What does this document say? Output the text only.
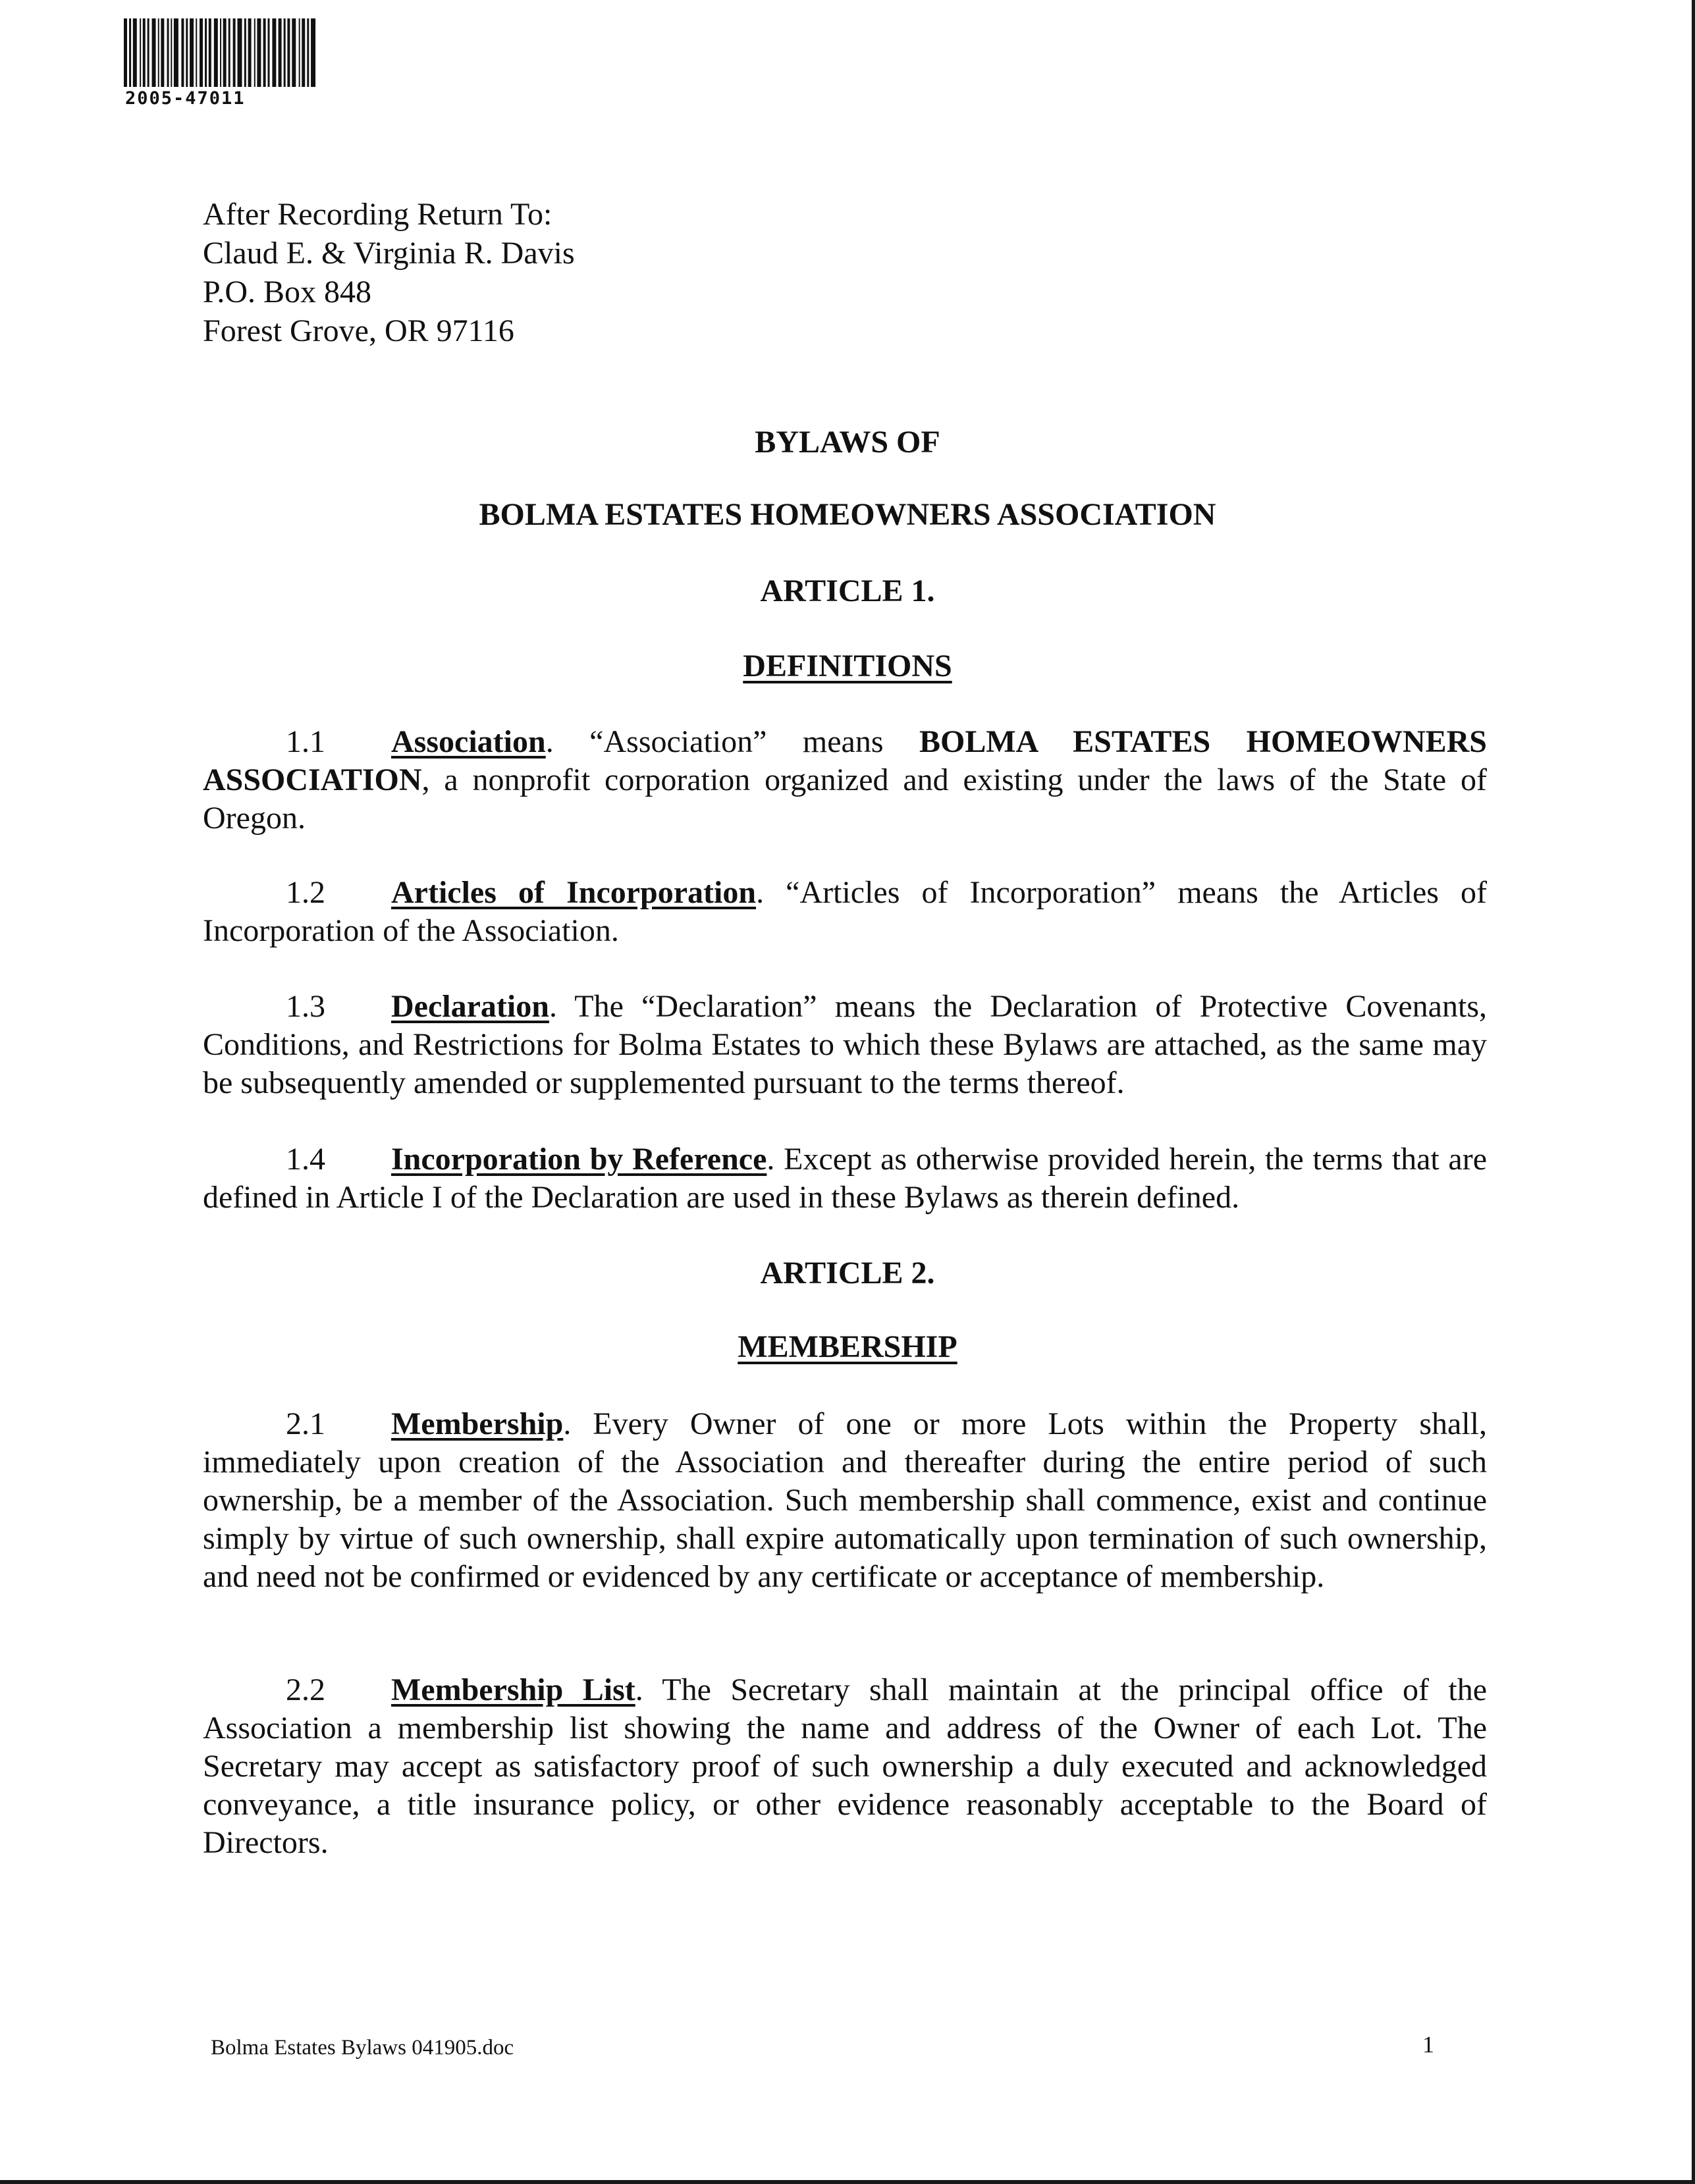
2005-47011
After Recording Return To:
Claud E. & Virginia R. Davis
P.O. Box 848
Forest Grove, OR 97116
BYLAWS OF
BOLMA ESTATES HOMEOWNERS ASSOCIATION
ARTICLE 1.
DEFINITIONS

1.1 Association. “Association” means BOLMA ESTATES HOMEOWNERS ASSOCIATION, a nonprofit corporation organized and existing under the laws of the State of Oregon.

1.2 Articles of Incorporation. “Articles of Incorporation” means the Articles of Incorporation of the Association.

1.3 Declaration. The “Declaration” means the Declaration of Protective Covenants, Conditions, and Restrictions for Bolma Estates to which these Bylaws are attached, as the same may be subsequently amended or supplemented pursuant to the terms thereof.

1.4 Incorporation by Reference. Except as otherwise provided herein, the terms that are defined in Article I of the Declaration are used in these Bylaws as therein defined.

ARTICLE 2.
MEMBERSHIP

2.1 Membership. Every Owner of one or more Lots within the Property shall, immediately upon creation of the Association and thereafter during the entire period of such ownership, be a member of the Association. Such membership shall commence, exist and continue simply by virtue of such ownership, shall expire automatically upon termination of such ownership, and need not be confirmed or evidenced by any certificate or acceptance of membership.

2.2 Membership List. The Secretary shall maintain at the principal office of the Association a membership list showing the name and address of the Owner of each Lot. The Secretary may accept as satisfactory proof of such ownership a duly executed and acknowledged conveyance, a title insurance policy, or other evidence reasonably acceptable to the Board of Directors.

Bolma Estates Bylaws 041905.doc	1
